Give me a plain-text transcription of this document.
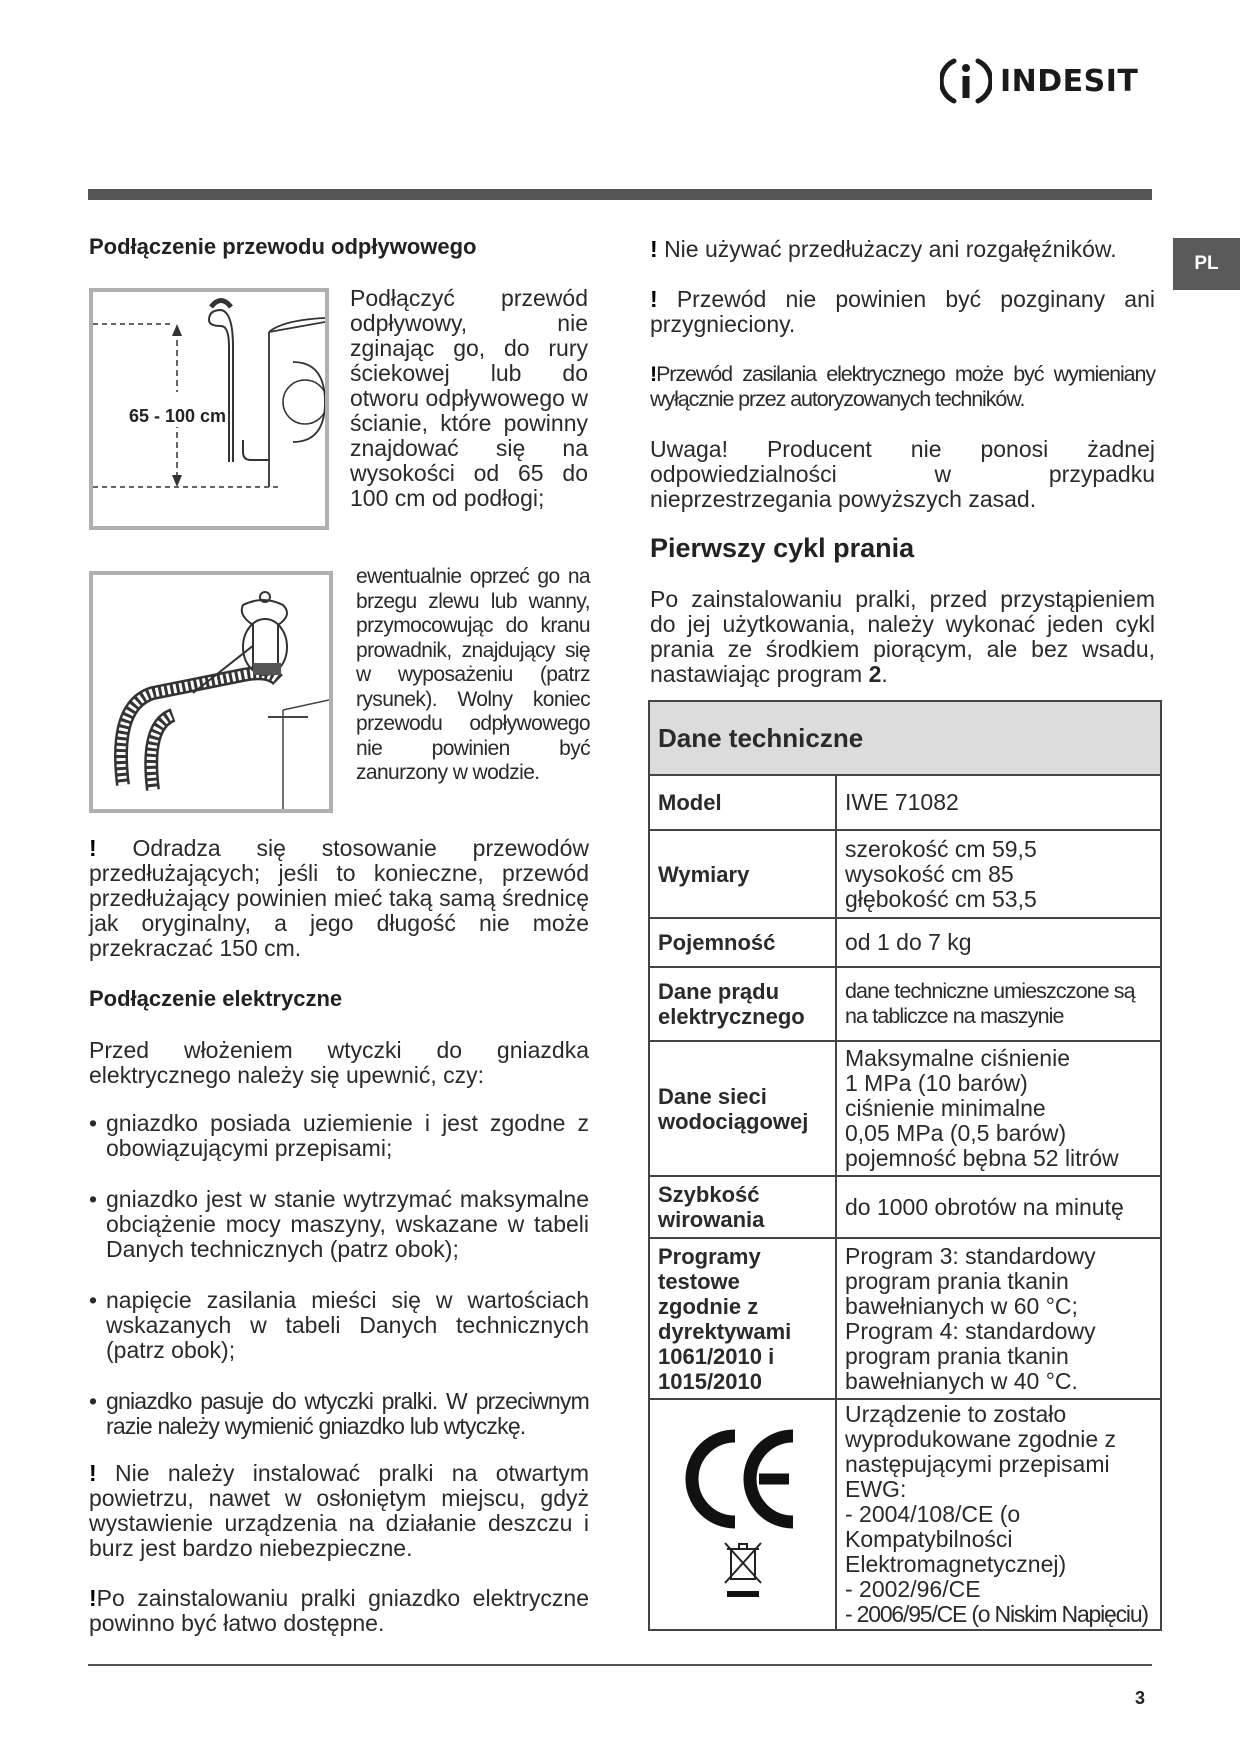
INDESIT
PL
Podłączenie przewodu odpływowego
65 - 100 cm

Podłączyć przewód odpływowy, nie zginając go, do rury ściekowej lub do otworu odpływowego w ścianie, które powinny znajdować się na wysokości od 65 do 100 cm od podłogi;

ewentualnie oprzeć go na brzegu zlewu lub wanny, przymocowując do kranu prowadnik, znajdujący się w wyposażeniu (patrz rysunek). Wolny koniec przewodu odpływowego nie powinien być zanurzony w wodzie.

! Odradza się stosowanie przewodów przedłużających; jeśli to konieczne, przewód przedłużający powinien mieć taką samą średnicę jak oryginalny, a jego długość nie może przekraczać 150 cm.

Podłączenie elektryczne

Przed włożeniem wtyczki do gniazdka elektrycznego należy się upewnić, czy:

• gniazdko posiada uziemienie i jest zgodne z obowiązującymi przepisami;
• gniazdko jest w stanie wytrzymać maksymalne obciążenie mocy maszyny, wskazane w tabeli Danych technicznych (patrz obok);
• napięcie zasilania mieści się w wartościach wskazanych w tabeli Danych technicznych (patrz obok);
• gniazdko pasuje do wtyczki pralki. W przeciwnym razie należy wymienić gniazdko lub wtyczkę.

! Nie należy instalować pralki na otwartym powietrzu, nawet w osłoniętym miejscu, gdyż wystawienie urządzenia na działanie deszczu i burz jest bardzo niebezpieczne.

!Po zainstalowaniu pralki gniazdko elektryczne powinno być łatwo dostępne.

! Nie używać przedłużaczy ani rozgałęźników.

! Przewód nie powinien być pozginany ani przygnieciony.

!Przewód zasilania elektrycznego może być wymieniany wyłącznie przez autoryzowanych techników.

Uwaga! Producent nie ponosi żadnej odpowiedzialności w przypadku nieprzestrzegania powyższych zasad.

Pierwszy cykl prania

Po zainstalowaniu pralki, przed przystąpieniem do jej użytkowania, należy wykonać jeden cykl prania ze środkiem piorącym, ale bez wsadu, nastawiając program 2.

Dane techniczne	
Model	IWE 71082
Wymiary	szerokość cm 59,5
wysokość cm 85
głębokość cm 53,5

Pojemność	od 1 do 7 kg
Dane prądu elektrycznego	dane techniczne umieszczone są na tabliczce na maszynie
Dane sieci wodociągowej	Maksymalne ciśnienie
1 MPa (10 barów)
ciśnienie minimalne
0,05 MPa (0,5 barów)
pojemność bębna 52 litrów

Szybkość wirowania	do 1000 obrotów na minutę
Programy testowe zgodnie z dyrektywami 1061/2010 i 1015/2010	Program 3: standardowy program prania tkanin bawełnianych w 60 °C;
Program 4: standardowy program prania tkanin bawełnianych w 40 °C.

Urządzenie to zostało wyprodukowane zgodnie z następującymi przepisami EWG:
- 2004/108/CE (o Kompatybilności Elektromagnetycznej)
- 2002/96/CE
- 2006/95/CE (o Niskim Napięciu)
3
